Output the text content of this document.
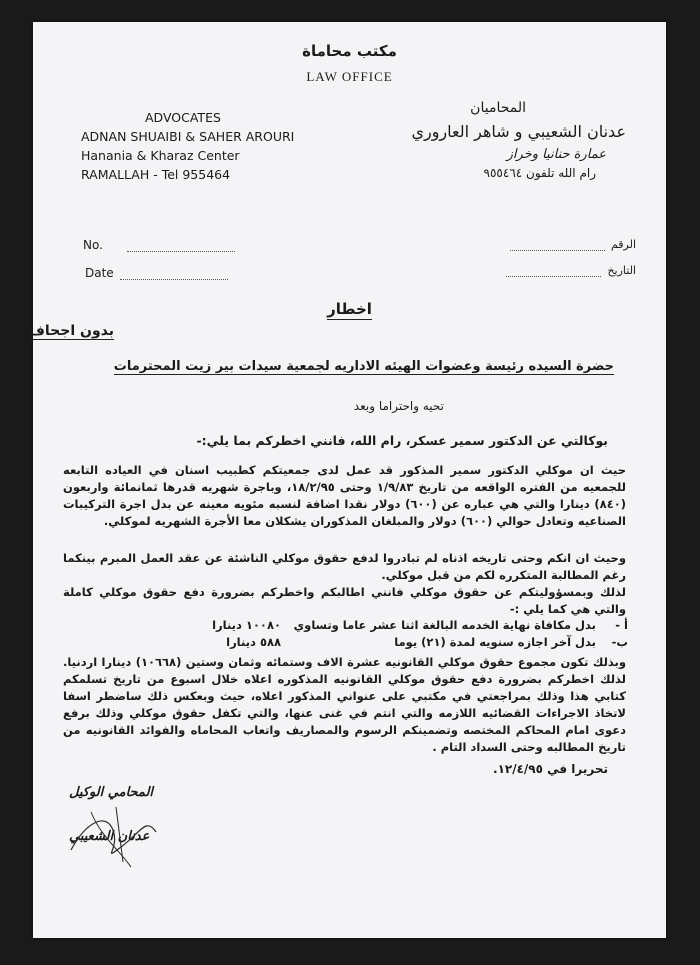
مكتب محاماة
LAW OFFICE
ADVOCATES
ADNAN SHUAIBI & SAHER AROURI
Hanania & Kharaz Center
RAMALLAH - Tel 955464
المحاميان
عدنان الشعيبي و شاهر العاروري
عمارة حنانيا وخراز
رام الله تلفون ٩٥٥٤٦٤
No.
Date
الرقم
التاريخ
اخطار
بدون اجحاف
حضرة السيده رئيسة وعضوات الهيئه الاداريه لجمعية سيدات بير زيت المحترمات
تحيه واحتراما وبعد
بوكالتي عن الدكتور سمير عسكر، رام الله، فانني اخطركم بما يلي:-
حيث ان موكلي الدكتور سمير المذكور قد عمل لدى جمعيتكم كطبيب اسنان في العياده التابعه للجمعيه من الفتره الواقعه من تاريخ ١/٩/٨٣ وحتى ١٨/٢/٩٥، وباجرة شهريه قدرها ثمانمائة واربعون (٨٤٠) دينارا والتي هي عباره عن (٦٠٠) دولار نقدا اضافة لنسبه مئويه معينه عن بدل اجرة التركيبات الصناعيه وتعادل حوالي (٦٠٠) دولار والمبلغان المذكوران يشكلان معا الأجرة الشهريه لموكلي.
وحيث ان انكم وحتى تاريخه اذناه لم تبادروا لدفع حقوق موكلي الناشئة عن عقد العمل المبرم بينكما رغم المطالبة المتكرره لكم من قبل موكلي.
لذلك وبمسؤوليتكم عن حقوق موكلي فانني اطالبكم واخطركم بضرورة دفع حقوق موكلي كاملة والتي هي كما يلي :-
أ -
بدل مكافاة نهاية الخدمه البالغة اثنا عشر عاما وتساوي
١٠٠٨٠ دينارا
ب-
بدل آخر اجازه سنويه لمدة (٢١) يوما
٥٨٨ دينارا
وبذلك تكون مجموع حقوق موكلي القانونيه عشرة الاف وستمائه وثمان وستين (١٠٦٦٨) دينارا اردنيا. لذلك اخطركم بضرورة دفع حقوق موكلي القانونيه المذكوره اعلاه خلال اسبوع من تاريخ تسلمكم كتابي هذا وذلك بمراجعتي في مكتبي على عنواني المذكور اعلاه، حيث وبعكس ذلك ساضطر اسفا لاتخاذ الاجراءات القضائيه اللازمه والتي انتم في غنى عنها، والتي تكفل حقوق موكلي وذلك برفع دعوى امام المحاكم المختصه وتضمينكم الرسوم والمصاريف واتعاب المحاماه والفوائد القانونيه من تاريخ المطالبه وحتى السداد التام .
تحريرا في ١٢/٤/٩٥.
المحامي الوكيل
عدنان الشعيبي
